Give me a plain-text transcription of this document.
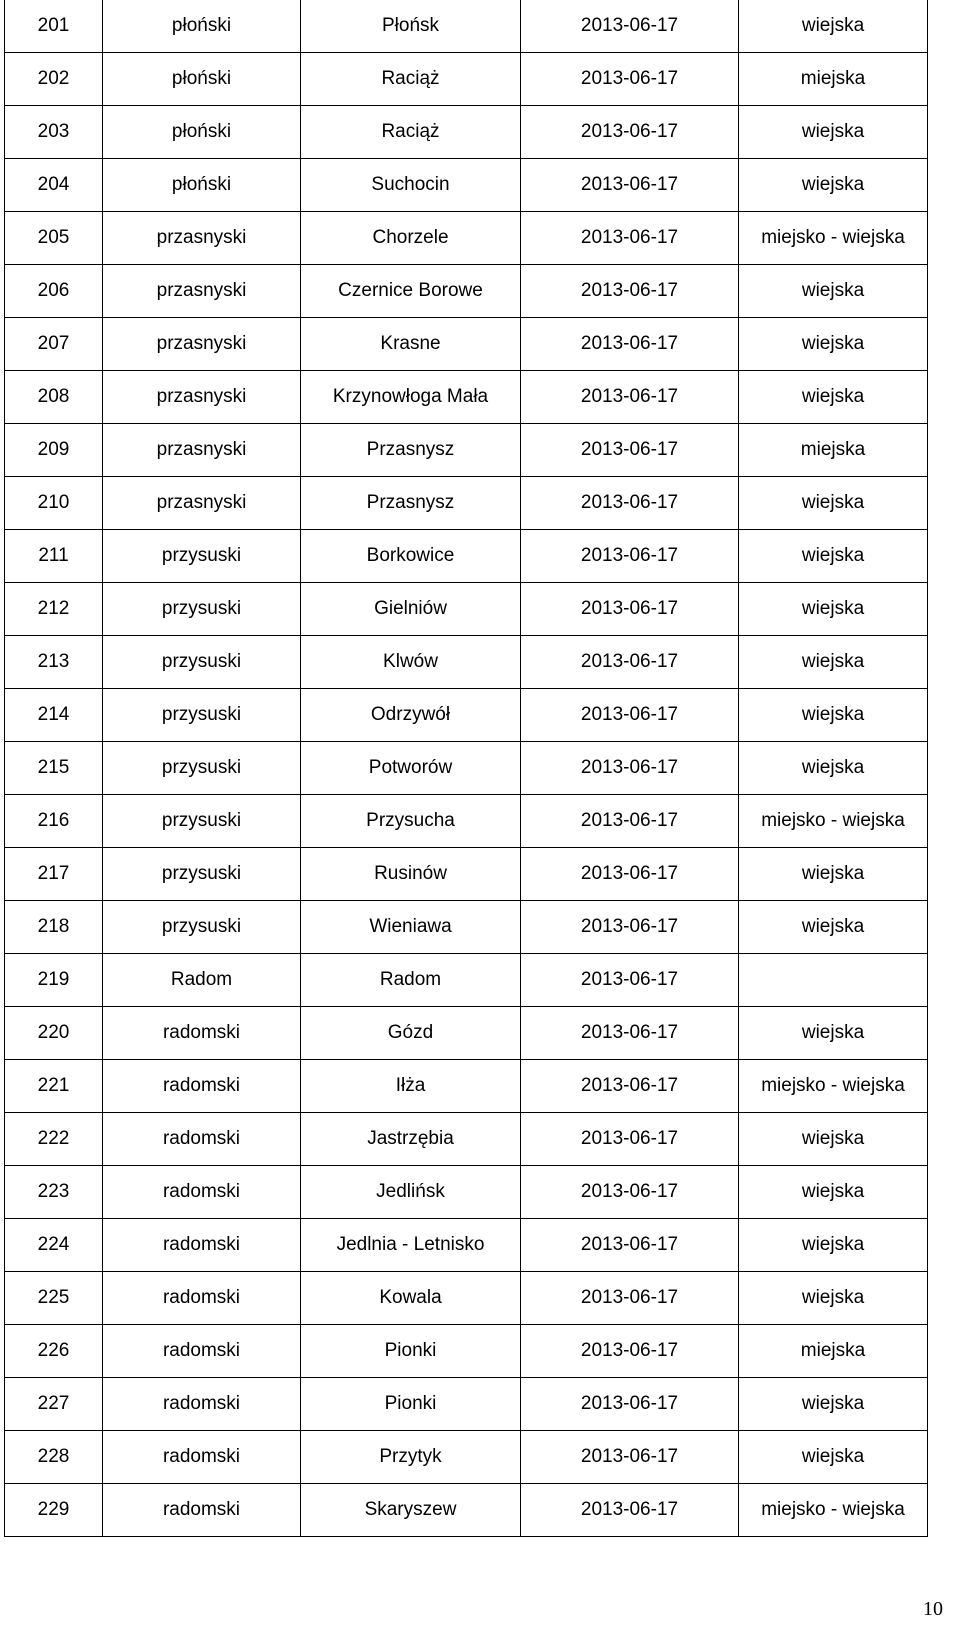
201	płoński	Płońsk	2013-06-17	wiejska
202	płoński	Raciąż	2013-06-17	miejska
203	płoński	Raciąż	2013-06-17	wiejska
204	płoński	Suchocin	2013-06-17	wiejska
205	przasnyski	Chorzele	2013-06-17	miejsko - wiejska
206	przasnyski	Czernice Borowe	2013-06-17	wiejska
207	przasnyski	Krasne	2013-06-17	wiejska
208	przasnyski	Krzynowłoga Mała	2013-06-17	wiejska
209	przasnyski	Przasnysz	2013-06-17	miejska
210	przasnyski	Przasnysz	2013-06-17	wiejska
211	przysuski	Borkowice	2013-06-17	wiejska
212	przysuski	Gielniów	2013-06-17	wiejska
213	przysuski	Klwów	2013-06-17	wiejska
214	przysuski	Odrzywół	2013-06-17	wiejska
215	przysuski	Potworów	2013-06-17	wiejska
216	przysuski	Przysucha	2013-06-17	miejsko - wiejska
217	przysuski	Rusinów	2013-06-17	wiejska
218	przysuski	Wieniawa	2013-06-17	wiejska
219	Radom	Radom	2013-06-17	
220	radomski	Gózd	2013-06-17	wiejska
221	radomski	Iłża	2013-06-17	miejsko - wiejska
222	radomski	Jastrzębia	2013-06-17	wiejska
223	radomski	Jedlińsk	2013-06-17	wiejska
224	radomski	Jedlnia - Letnisko	2013-06-17	wiejska
225	radomski	Kowala	2013-06-17	wiejska
226	radomski	Pionki	2013-06-17	miejska
227	radomski	Pionki	2013-06-17	wiejska
228	radomski	Przytyk	2013-06-17	wiejska
229	radomski	Skaryszew	2013-06-17	miejsko - wiejska
10
